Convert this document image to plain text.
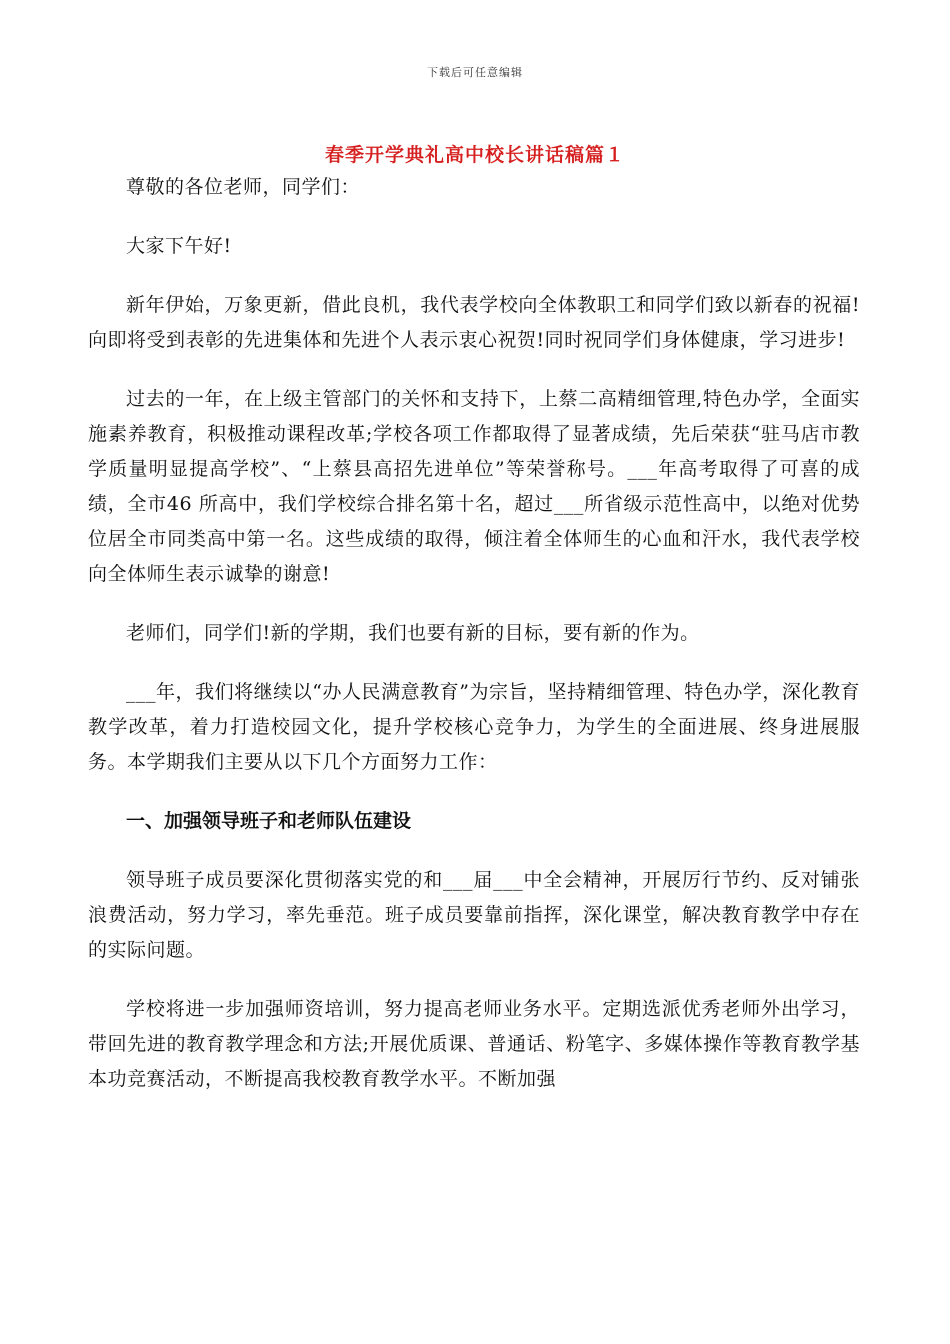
下载后可任意编辑
春季开学典礼高中校长讲话稿篇１

尊敬的各位老师，同学们：

大家下午好!

新年伊始，万象更新，借此良机，我代表学校向全体教职工和同学们致以新春的祝福!向即将受到表彰的先进集体和先进个人表示衷心祝贺!同时祝同学们身体健康，学习进步!

过去的一年，在上级主管部门的关怀和支持下，上蔡二高精细管理,特色办学，全面实施素养教育，积极推动课程改革;学校各项工作都取得了显著成绩，先后荣获“驻马店市教学质量明显提高学校”、“上蔡县高招先进单位”等荣誉称号。___年高考取得了可喜的成绩，全市46 所高中，我们学校综合排名第十名，超过___所省级示范性高中，以绝对优势位居全市同类高中第一名。这些成绩的取得，倾注着全体师生的心血和汗水，我代表学校向全体师生表示诚挚的谢意!

老师们，同学们!新的学期，我们也要有新的目标，要有新的作为。

___年，我们将继续以“办人民满意教育”为宗旨，坚持精细管理、特色办学，深化教育教学改革，着力打造校园文化，提升学校核心竞争力，为学生的全面进展、终身进展服务。本学期我们主要从以下几个方面努力工作：

一、加强领导班子和老师队伍建设

领导班子成员要深化贯彻落实党的和___届___中全会精神，开展厉行节约、反对铺张浪费活动，努力学习，率先垂范。班子成员要靠前指挥，深化课堂，解决教育教学中存在的实际问题。

学校将进一步加强师资培训，努力提高老师业务水平。定期选派优秀老师外出学习，带回先进的教育教学理念和方法;开展优质课、普通话、粉笔字、多媒体操作等教育教学基本功竞赛活动，不断提高我校教育教学水平。不断加强
